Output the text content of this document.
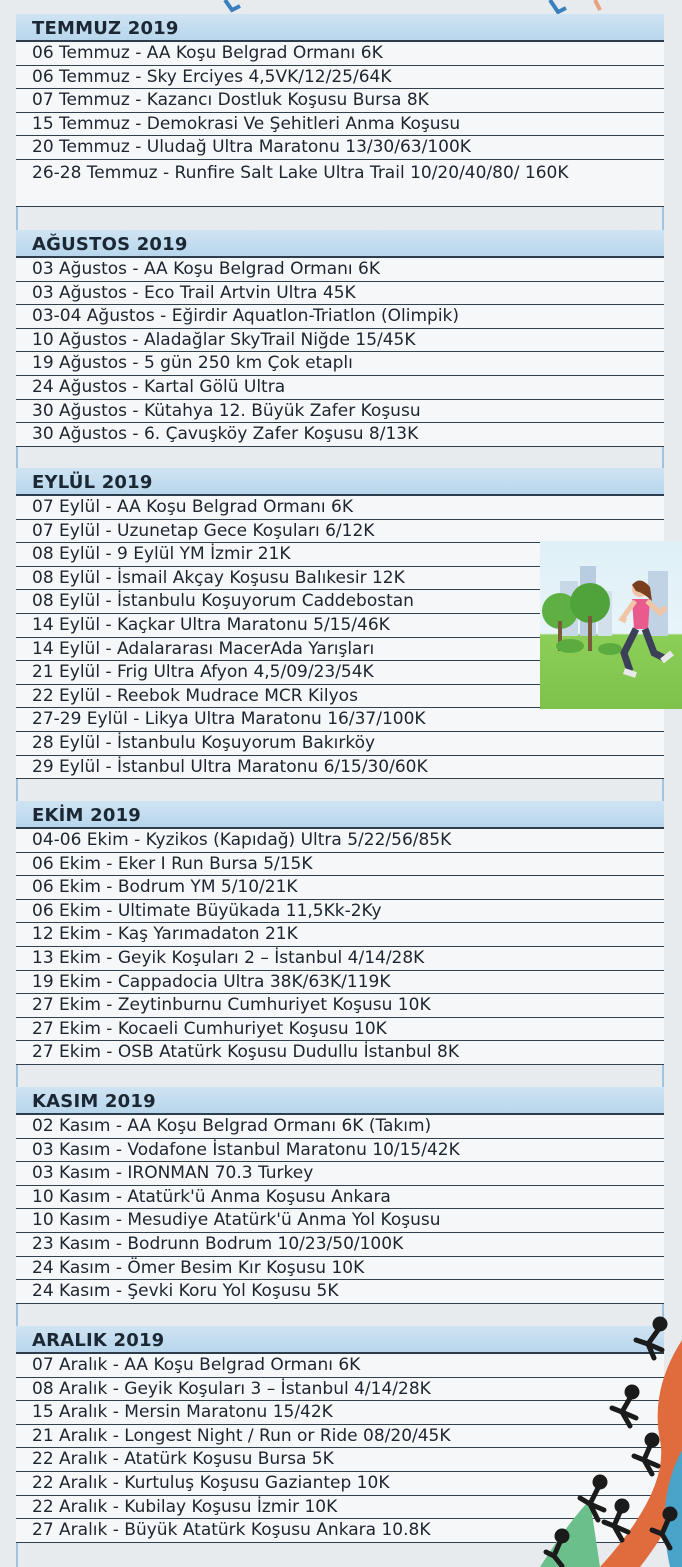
TEMMUZ 2019
06 Temmuz - AA Koşu Belgrad Ormanı 6K
06 Temmuz - Sky Erciyes 4,5VK/12/25/64K
07 Temmuz - Kazancı Dostluk Koşusu Bursa 8K
15 Temmuz - Demokrasi Ve Şehitleri Anma Koşusu
20 Temmuz - Uludağ Ultra Maratonu 13/30/63/100K
26-28 Temmuz - Runfire Salt Lake Ultra Trail 10/20/40/80/ 160K
AĞUSTOS 2019
03 Ağustos - AA Koşu Belgrad Ormanı 6K
03 Ağustos - Eco Trail Artvin Ultra 45K
03-04 Ağustos - Eğirdir Aquatlon-Triatlon (Olimpik)
10 Ağustos - Aladağlar SkyTrail Niğde 15/45K
19 Ağustos - 5 gün 250 km Çok etaplı
24 Ağustos - Kartal Gölü Ultra
30 Ağustos - Kütahya 12. Büyük Zafer Koşusu
30 Ağustos - 6. Çavuşköy Zafer Koşusu 8/13K
EYLÜL 2019
07 Eylül - AA Koşu Belgrad Ormanı 6K
07 Eylül - Uzunetap Gece Koşuları 6/12K
08 Eylül - 9 Eylül YM İzmir 21K
08 Eylül - İsmail Akçay Koşusu Balıkesir 12K
08 Eylül - İstanbulu Koşuyorum Caddebostan
14 Eylül - Kaçkar Ultra Maratonu 5/15/46K
14 Eylül - Adalararası MacerAda Yarışları
21 Eylül - Frig Ultra Afyon 4,5/09/23/54K
22 Eylül - Reebok Mudrace MCR Kilyos
27-29 Eylül - Likya Ultra Maratonu 16/37/100K
28 Eylül - İstanbulu Koşuyorum Bakırköy
29 Eylül - İstanbul Ultra Maratonu 6/15/30/60K
EKİM 2019
04-06 Ekim - Kyzikos (Kapıdağ) Ultra 5/22/56/85K
06 Ekim - Eker I Run Bursa 5/15K
06 Ekim - Bodrum YM 5/10/21K
06 Ekim - Ultimate Büyükada 11,5Kk-2Ky
12 Ekim - Kaş Yarımadaton 21K
13 Ekim - Geyik Koşuları 2 – İstanbul 4/14/28K
19 Ekim - Cappadocia Ultra 38K/63K/119K
27 Ekim - Zeytinburnu Cumhuriyet Koşusu 10K
27 Ekim - Kocaeli Cumhuriyet Koşusu 10K
27 Ekim - OSB Atatürk Koşusu Dudullu İstanbul 8K
KASIM 2019
02 Kasım - AA Koşu Belgrad Ormanı 6K (Takım)
03 Kasım - Vodafone İstanbul Maratonu 10/15/42K
03 Kasım - IRONMAN 70.3 Turkey
10 Kasım - Atatürk'ü Anma Koşusu Ankara
10 Kasım - Mesudiye Atatürk'ü Anma Yol Koşusu
23 Kasım - Bodrunn Bodrum 10/23/50/100K
24 Kasım - Ömer Besim Kır Koşusu 10K
24 Kasım - Şevki Koru Yol Koşusu 5K
ARALIK 2019
07 Aralık - AA Koşu Belgrad Ormanı 6K
08 Aralık - Geyik Koşuları 3 – İstanbul 4/14/28K
15 Aralık - Mersin Maratonu 15/42K
21 Aralık - Longest Night / Run or Ride 08/20/45K
22 Aralık - Atatürk Koşusu Bursa 5K
22 Aralık - Kurtuluş Koşusu Gaziantep 10K
22 Aralık - Kubilay Koşusu İzmir 10K
27 Aralık - Büyük Atatürk Koşusu Ankara 10.8K
